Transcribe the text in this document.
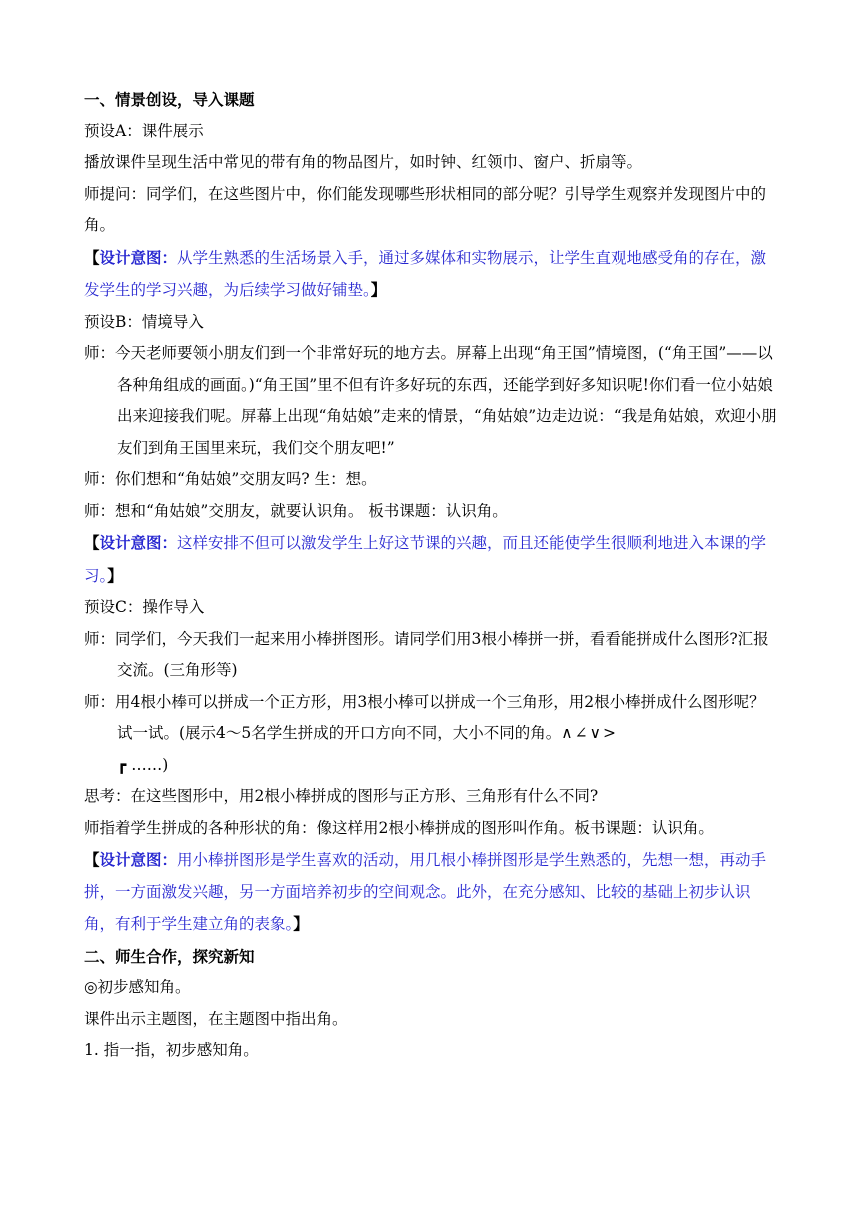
一、情景创设，导入课题

预设A：课件展示

播放课件呈现生活中常见的带有角的物品图片，如时钟、红领巾、窗户、折扇等。

师提问：同学们，在这些图片中，你们能发现哪些形状相同的部分呢？引导学生观察并发现图片中的角。

【设计意图：从学生熟悉的生活场景入手，通过多媒体和实物展示，让学生直观地感受角的存在，激发学生的学习兴趣，为后续学习做好铺垫。】

预设B：情境导入

师：今天老师要领小朋友们到一个非常好玩的地方去。屏幕上出现“角王国”情境图，(“角王国”——以各种角组成的画面。)“角王国”里不但有许多好玩的东西，还能学到好多知识呢!你们看一位小姑娘出来迎接我们呢。屏幕上出现“角姑娘”走来的情景，“角姑娘”边走边说：“我是角姑娘，欢迎小朋友们到角王国里来玩，我们交个朋友吧!”

师：你们想和“角姑娘”交朋友吗? 生：想。

师：想和“角姑娘”交朋友，就要认识角。 板书课题：认识角。

【设计意图：这样安排不但可以激发学生上好这节课的兴趣，而且还能使学生很顺利地进入本课的学习。】

预设C：操作导入

师：同学们，今天我们一起来用小棒拼图形。请同学们用3根小棒拼一拼，看看能拼成什么图形?汇报交流。(三角形等)

师：用4根小棒可以拼成一个正方形，用3根小棒可以拼成一个三角形，用2根小棒拼成什么图形呢？试一试。(展示4～5名学生拼成的开口方向不同，大小不同的角。∧∠∨>
┏ ……)

思考：在这些图形中，用2根小棒拼成的图形与正方形、三角形有什么不同?

师指着学生拼成的各种形状的角：像这样用2根小棒拼成的图形叫作角。板书课题：认识角。

【设计意图：用小棒拼图形是学生喜欢的活动，用几根小棒拼图形是学生熟悉的，先想一想，再动手拼，一方面激发兴趣，另一方面培养初步的空间观念。此外，在充分感知、比较的基础上初步认识角，有利于学生建立角的表象。】

二、师生合作，探究新知

◎初步感知角。

课件出示主题图，在主题图中指出角。

1. 指一指，初步感知角。
